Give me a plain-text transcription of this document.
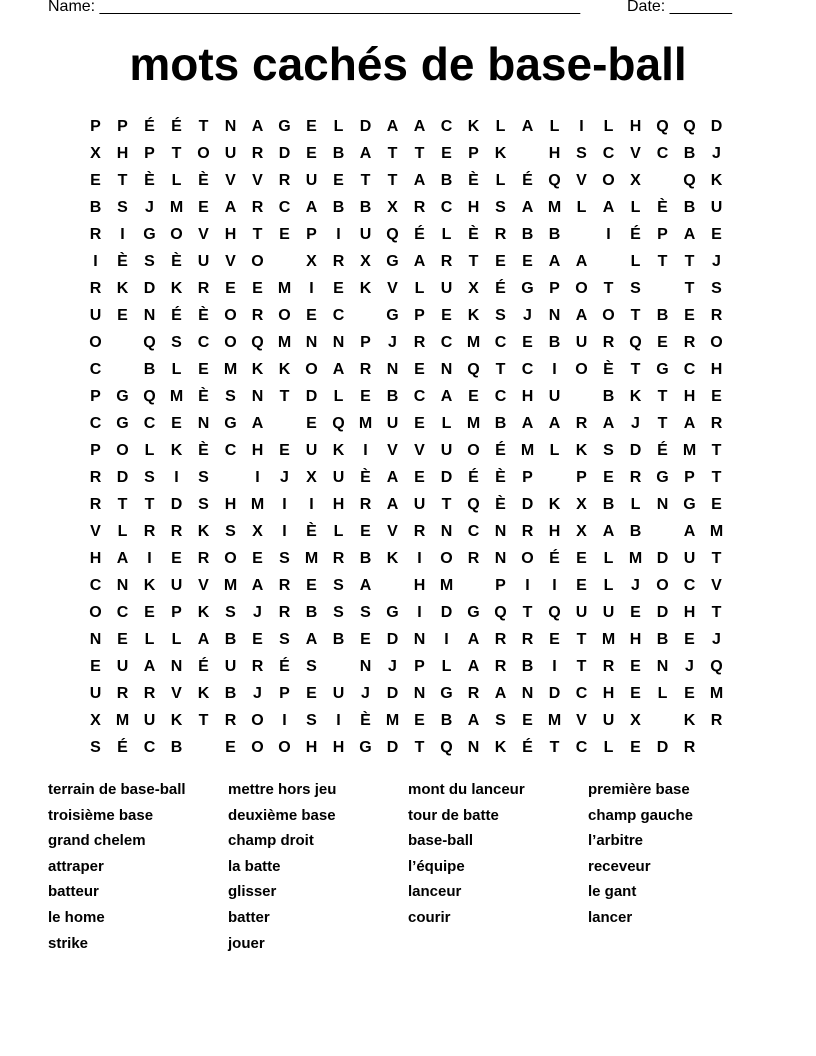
Name: ______________________________________________________	Date: _______
mots cachés de base-ball
P	P	É	É	T	N A G E	L	D A A C K	L	A	L	I	L	H Q Q D
X H P	T O U R D E B A	T	T	E	P K	H S C V C B	J
E	T	È	L	È	V	V R U E	T	T	A B È	L	É Q V O X	Q K
B S	J M E A R C A B B X R C H S A M L	A	L	È B U
R	I	G O V H	T	E	P	I	U Q É	L	È R B B	I	É	P A E
I	È	S	È U V O	X R X G A R	T	E	E A A	L	T	T	J
R K D K R E	E M	I	E K V	L	U X	É G P O T	S	T	S
U E N É	È O R O E C	G P	E K S	J	N A O T	B E R
O	Q S C O Q M N N P	J	R C M C E B U R Q E R O
C	B	L	E M K K O A R N E N Q T	C	I	O È	T G C H
P G Q M È	S N	T	D	L	E B C A E C H U	B K	T	H E
C G C E N G A	E Q M U E	L M B A A R A	J	T	A R
P O L	K È C H E U K	I	V	V U O É M L	K S D É M T
R D S	I	S	I	J	X U È A E D É	È	P	P	E R G P	T
R	T	T	D S H M	I	I	H R A U	T Q È D K X B	L	N G E
V	L	R R K S	X	I	È	L	E	V R N C N R H X A B	A M
H A	I	E R O E	S M R B K	I	O R N O É	E	L M D U	T
C N K U V M A R E	S A	H M	P	I	I	E	L	J	O C V
O C E	P K S	J	R B S	S G	I	D G Q T Q U U E D H	T
N E	L	L	A B E	S A B E D N	I	A R R E	T M H B E	J
E U A N É U R É	S	N	J	P	L	A R B	I	T	R E N	J	Q
U R R V K B	J	P	E U	J	D N G R A N D C H E	L	E M
X M U K	T	R O	I	S	I	È M E B A S	E M V U X	K R
S	É C B	E O O H H G D	T Q N K É	T	C	L	E D R
terrain de base-ball
troisième base
grand chelem
attraper
batteur
le home
strike
mettre hors jeu
deuxième base
champ droit
la batte
glisser
batter
jouer
mont du lanceur
tour de batte
base-ball
l’équipe
lanceur
courir
première base
champ gauche
l’arbitre
receveur
le gant
lancer
